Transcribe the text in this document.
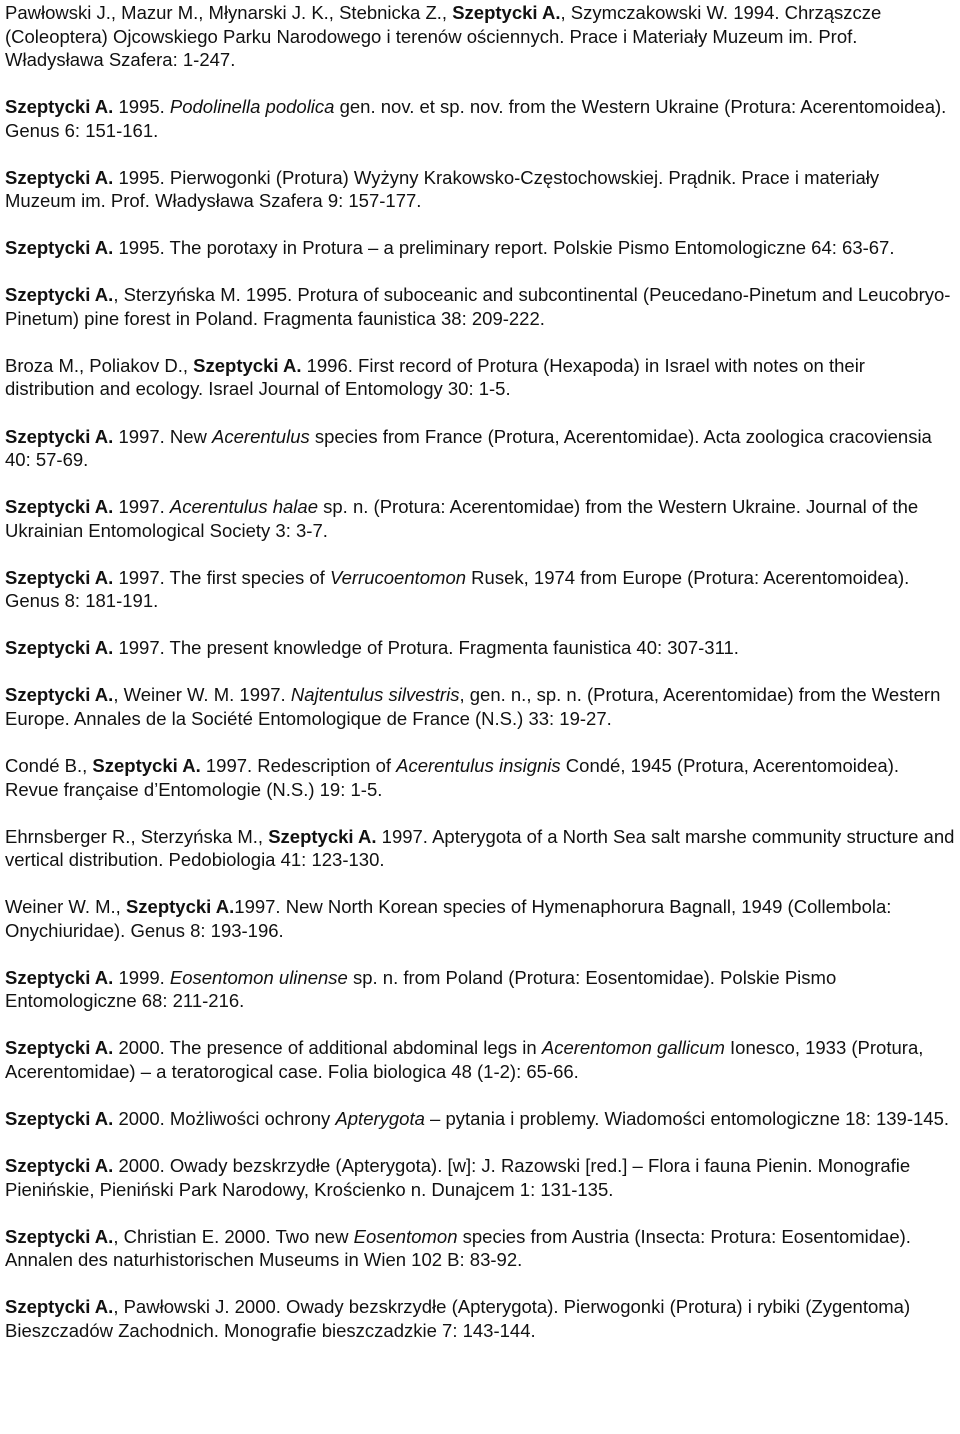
Pawłowski J., Mazur M., Młynarski J. K., Stebnicka Z., Szeptycki A., Szymczakowski W. 1994. Chrząszcze (Coleoptera) Ojcowskiego Parku Narodowego i terenów ościennych. Prace i Materiały Muzeum im. Prof. Władysława Szafera: 1-247.

Szeptycki A. 1995. Podolinella podolica gen. nov. et sp. nov. from the Western Ukraine (Protura: Acerentomoidea). Genus 6: 151-161.

Szeptycki A. 1995. Pierwogonki (Protura) Wyżyny Krakowsko-Częstochowskiej. Prądnik. Prace i materiały Muzeum im. Prof. Władysława Szafera 9: 157-177.

Szeptycki A. 1995. The porotaxy in Protura – a preliminary report. Polskie Pismo Entomologiczne 64: 63-67.

Szeptycki A., Sterzyńska M. 1995. Protura of suboceanic and subcontinental (Peucedano-Pinetum and Leucobryo-Pinetum) pine forest in Poland. Fragmenta faunistica 38: 209-222.

Broza M., Poliakov D., Szeptycki A. 1996. First record of Protura (Hexapoda) in Israel with notes on their distribution and ecology. Israel Journal of Entomology 30: 1-5.

Szeptycki A. 1997. New Acerentulus species from France (Protura, Acerentomidae). Acta zoologica cracoviensia 40: 57-69.

Szeptycki A. 1997. Acerentulus halae sp. n. (Protura: Acerentomidae) from the Western Ukraine. Journal of the Ukrainian Entomological Society 3: 3-7.

Szeptycki A. 1997. The first species of Verrucoentomon Rusek, 1974 from Europe (Protura: Acerentomoidea). Genus 8: 181-191.

Szeptycki A. 1997. The present knowledge of Protura. Fragmenta faunistica 40: 307-311.

Szeptycki A., Weiner W. M. 1997. Najtentulus silvestris, gen. n., sp. n. (Protura, Acerentomidae) from the Western Europe. Annales de la Société Entomologique de France (N.S.) 33: 19-27.

Condé B., Szeptycki A. 1997. Redescription of Acerentulus insignis Condé, 1945 (Protura, Acerentomoidea). Revue française d’Entomologie (N.S.) 19: 1-5.

Ehrnsberger R., Sterzyńska M., Szeptycki A. 1997. Apterygota of a North Sea salt marshe community structure and vertical distribution. Pedobiologia 41: 123-130.

Weiner W. M., Szeptycki A.1997. New North Korean species of Hymenaphorura Bagnall, 1949 (Collembola: Onychiuridae). Genus 8: 193-196.

Szeptycki A. 1999. Eosentomon ulinense sp. n. from Poland (Protura: Eosentomidae). Polskie Pismo Entomologiczne 68: 211-216.

Szeptycki A. 2000. The presence of additional abdominal legs in Acerentomon gallicum Ionesco, 1933 (Protura, Acerentomidae) – a teratorogical case. Folia biologica 48 (1-2): 65-66.

Szeptycki A. 2000. Możliwości ochrony Apterygota – pytania i problemy. Wiadomości entomologiczne 18: 139-145.

Szeptycki A. 2000. Owady bezskrzydłe (Apterygota). [w]: J. Razowski [red.] – Flora i fauna Pienin. Monografie Pienińskie, Pieniński Park Narodowy, Krościenko n. Dunajcem 1: 131-135.

Szeptycki A., Christian E. 2000. Two new Eosentomon species from Austria (Insecta: Protura: Eosentomidae). Annalen des naturhistorischen Museums in Wien 102 B: 83-92.

Szeptycki A., Pawłowski J. 2000. Owady bezskrzydłe (Apterygota). Pierwogonki (Protura) i rybiki (Zygentoma) Bieszczadów Zachodnich. Monografie bieszczadzkie 7: 143-144.
